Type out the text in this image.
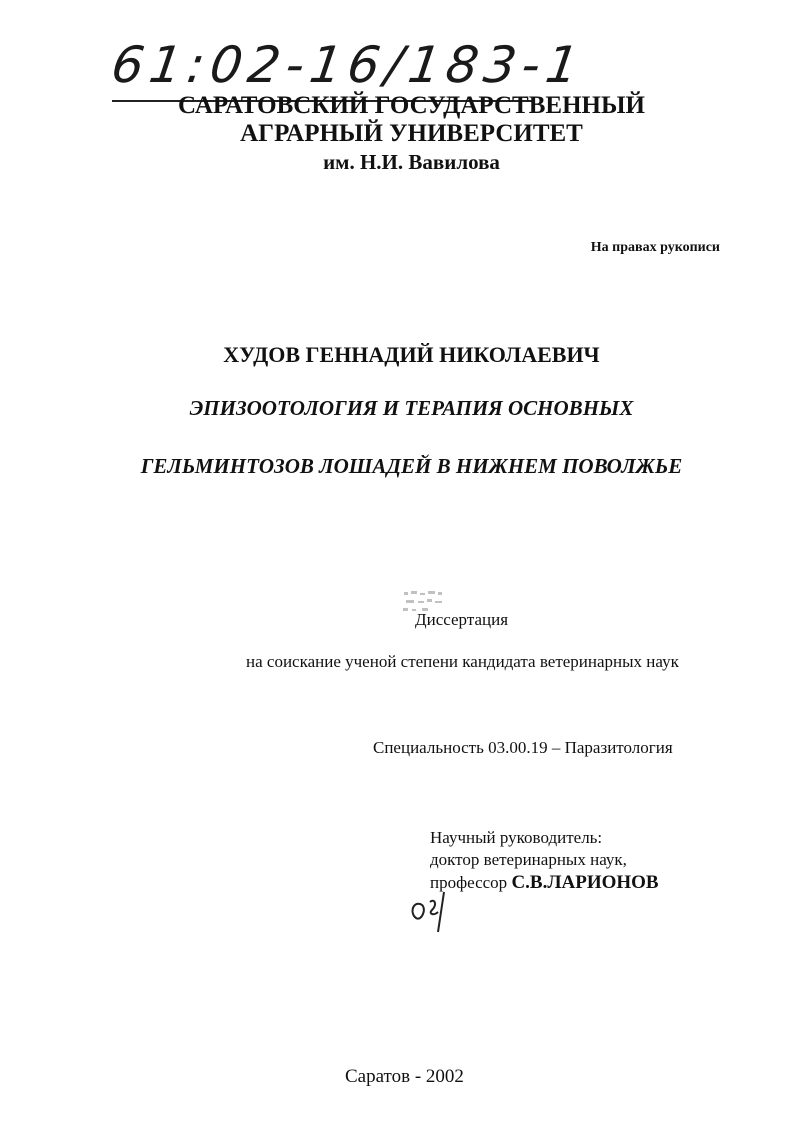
61:02-16/183-1
САРАТОВСКИЙ ГОСУДАРСТВЕННЫЙ
АГРАРНЫЙ УНИВЕРСИТЕТ
им. Н.И. Вавилова
На правах рукописи
ХУДОВ ГЕННАДИЙ НИКОЛАЕВИЧ
ЭПИЗООТОЛОГИЯ И ТЕРАПИЯ ОСНОВНЫХ
ГЕЛЬМИНТОЗОВ ЛОШАДЕЙ В НИЖНЕМ ПОВОЛЖЬЕ
Диссертация
на соискание ученой степени кандидата ветеринарных наук
Специальность 03.00.19 – Паразитология
Научный руководитель:
доктор ветеринарных наук,
профессор С.В.ЛАРИОНОВ
Саратов - 2002
